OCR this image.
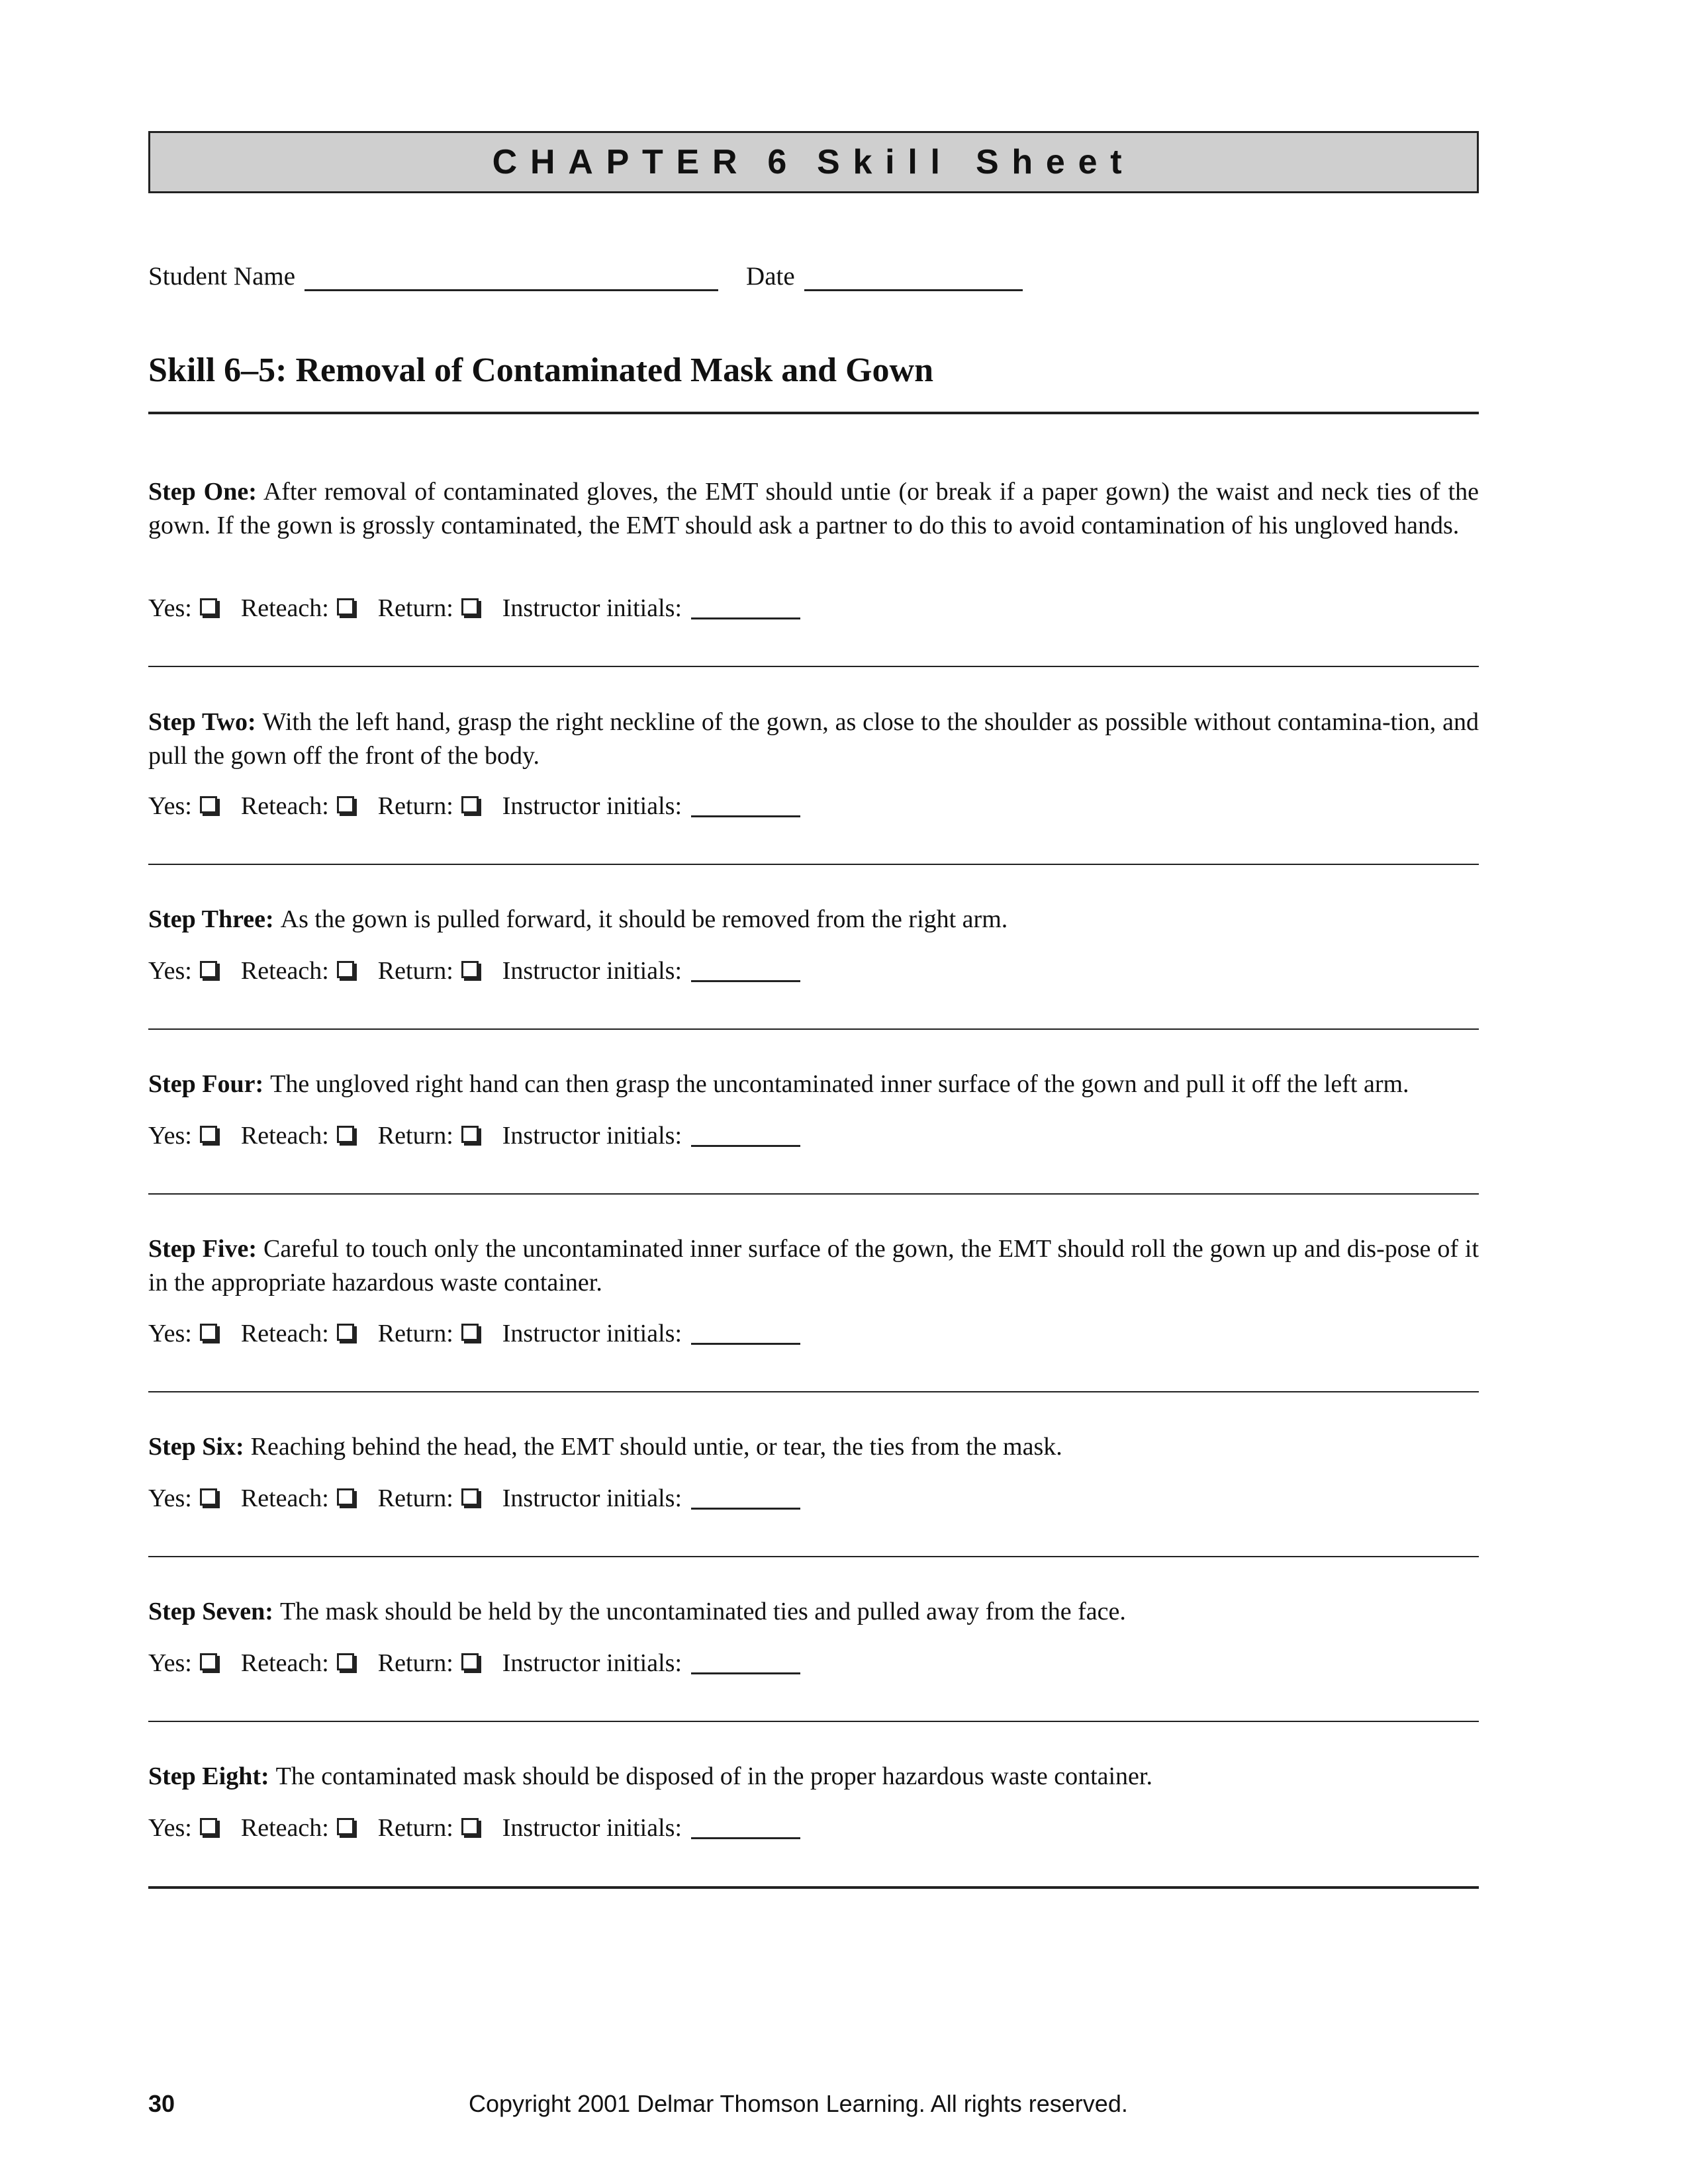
CHAPTER 6 Skill Sheet
Student Name	Date
Skill 6–5: Removal of Contaminated Mask and Gown
Step One: After removal of contaminated gloves, the EMT should untie (or break if a paper gown) the waist and neck ties of the gown. If the gown is grossly contaminated, the EMT should ask a partner to do this to avoid contamination of his ungloved hands.
Yes: Reteach: Return: Instructor initials:
Step Two: With the left hand, grasp the right neckline of the gown, as close to the shoulder as possible without contamina-tion, and pull the gown off the front of the body.
Yes: Reteach: Return: Instructor initials:
Step Three: As the gown is pulled forward, it should be removed from the right arm.
Yes: Reteach: Return: Instructor initials:
Step Four: The ungloved right hand can then grasp the uncontaminated inner surface of the gown and pull it off the left arm.
Yes: Reteach: Return: Instructor initials:
Step Five: Careful to touch only the uncontaminated inner surface of the gown, the EMT should roll the gown up and dis-pose of it in the appropriate hazardous waste container.
Yes: Reteach: Return: Instructor initials:
Step Six: Reaching behind the head, the EMT should untie, or tear, the ties from the mask.
Yes: Reteach: Return: Instructor initials:
Step Seven: The mask should be held by the uncontaminated ties and pulled away from the face.
Yes: Reteach: Return: Instructor initials:
Step Eight: The contaminated mask should be disposed of in the proper hazardous waste container.
Yes: Reteach: Return: Instructor initials:
30	Copyright 2001 Delmar Thomson Learning. All rights reserved.
